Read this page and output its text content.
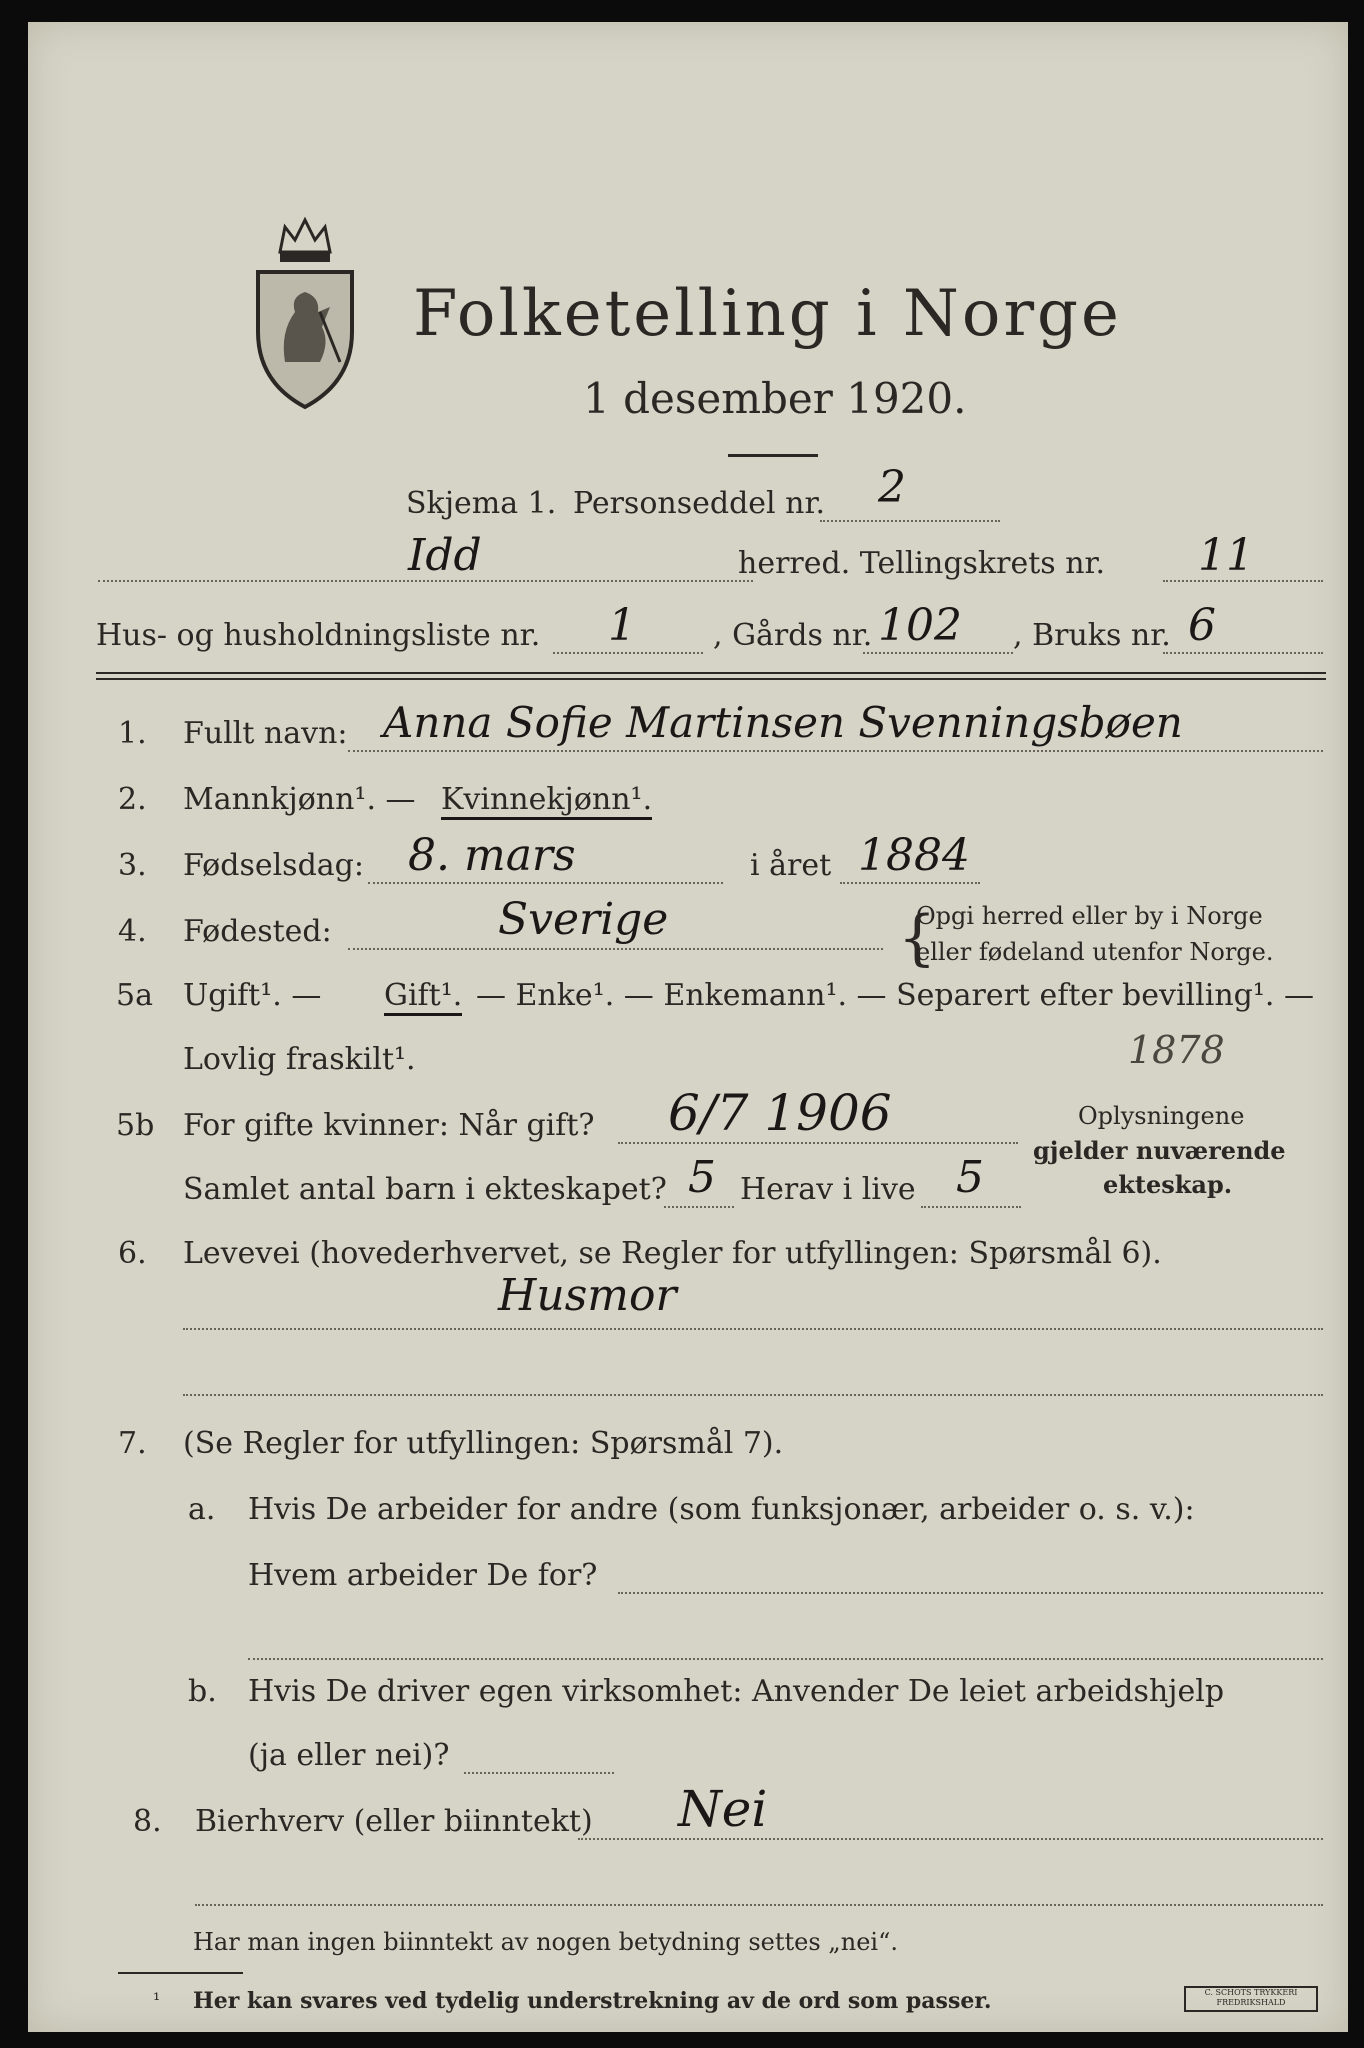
Folketelling i Norge
1 desember 1920.
Skjema 1. Personseddel nr. 2
Idd	herred. Tellingskrets nr. 11
Hus- og husholdningsliste nr. 1	, Gårds nr. 102 , Bruks nr. 6
1. Fullt navn: Anna Sofie Martinsen Svenningsbøen
2. Mannkjønn¹. — Kvinnekjønn¹.
3. Fødselsdag: 8. mars	i året 1884
4. Fødested:	Sverige	{
Opgi herred eller by i Norge
eller fødeland utenfor Norge.
5a Ugift¹. — Gift¹. — Enke¹. — Enkemann¹. — Separert efter bevilling¹. —
Lovlig fraskilt¹.	1878
5b For gifte kvinner: Når gift? 6/7 1906
Samlet antal barn i ekteskapet? 5 Herav i live 5
Oplysningene
gjelder nuværende
ekteskap.
6. Levevei (hovederhvervet, se Regler for utfyllingen: Spørsmål 6).
Husmor
7. (Se Regler for utfyllingen: Spørsmål 7).
a. Hvis De arbeider for andre (som funksjonær, arbeider o. s. v.):
Hvem arbeider De for?
b. Hvis De driver egen virksomhet: Anvender De leiet arbeidshjelp
(ja eller nei)?
8. Bierhverv (eller biinntekt) Nei
Har man ingen biinntekt av nogen betydning settes „nei“.
¹ Her kan svares ved tydelig understrekning av de ord som passer.	C. SCHOTS TRYKKERI FREDRIKSHALD
